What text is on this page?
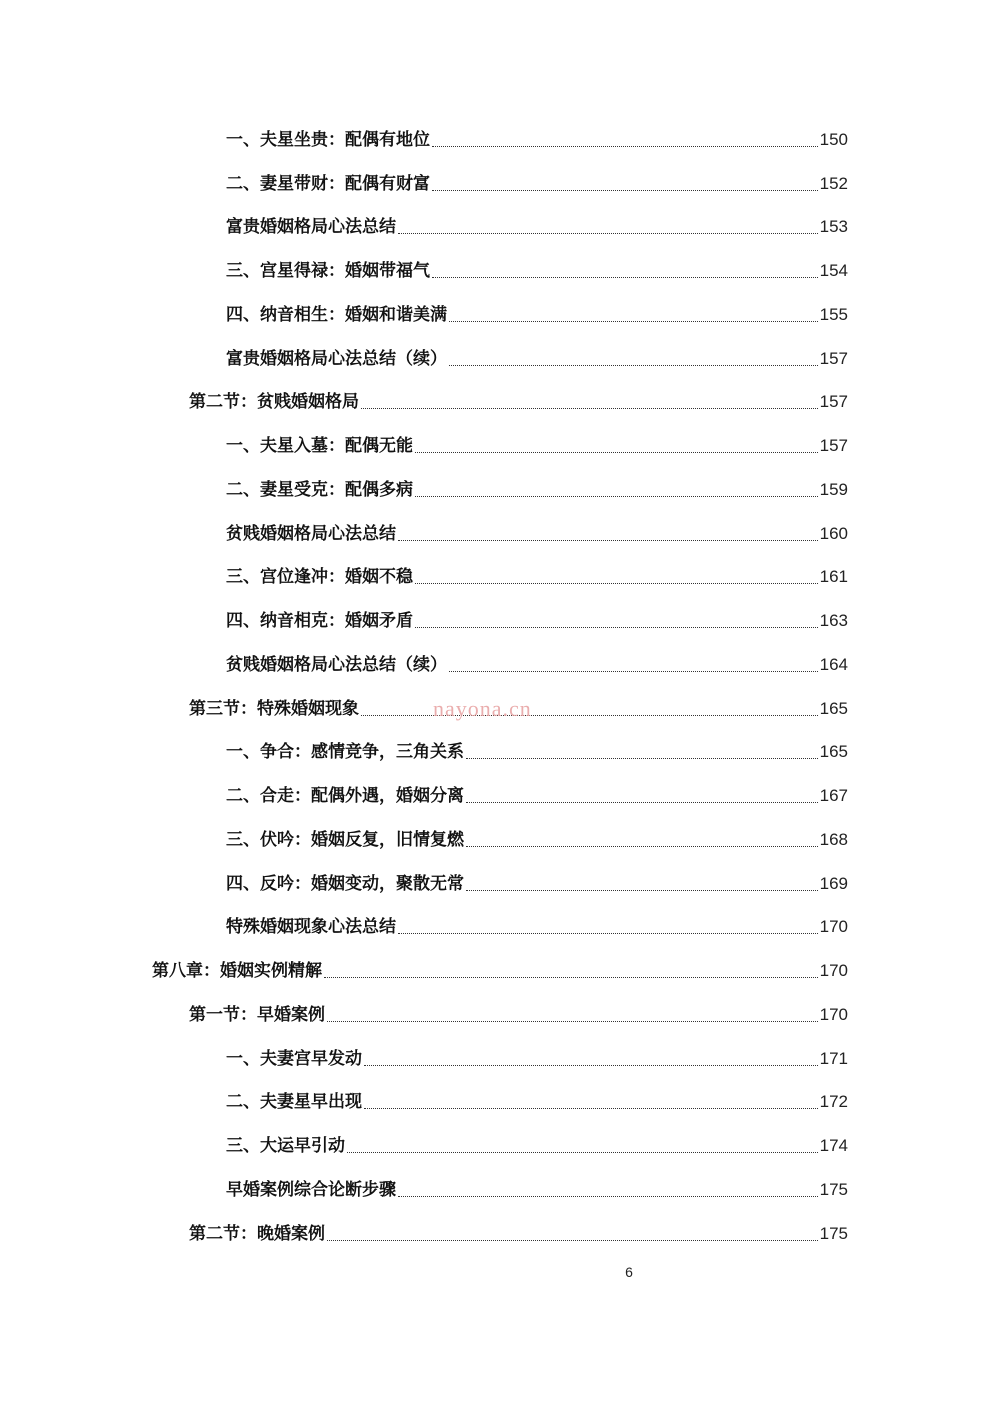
一、夫星坐贵：配偶有地位	150
二、妻星带财：配偶有财富	152
富贵婚姻格局心法总结	153
三、宫星得禄：婚姻带福气	154
四、纳音相生：婚姻和谐美满	155
富贵婚姻格局心法总结（续）	157
第二节：贫贱婚姻格局	157
一、夫星入墓：配偶无能	157
二、妻星受克：配偶多病	159
贫贱婚姻格局心法总结	160
三、宫位逢冲：婚姻不稳	161
四、纳音相克：婚姻矛盾	163
贫贱婚姻格局心法总结（续）	164
第三节：特殊婚姻现象	165
一、争合：感情竞争，三角关系	165
二、合走：配偶外遇，婚姻分离	167
三、伏吟：婚姻反复，旧情复燃	168
四、反吟：婚姻变动，聚散无常	169
特殊婚姻现象心法总结	170
第八章：婚姻实例精解	170
第一节：早婚案例	170
一、夫妻宫早发动	171
二、夫妻星早出现	172
三、大运早引动	174
早婚案例综合论断步骤	175
第二节：晚婚案例	175
nayona.cn
6
